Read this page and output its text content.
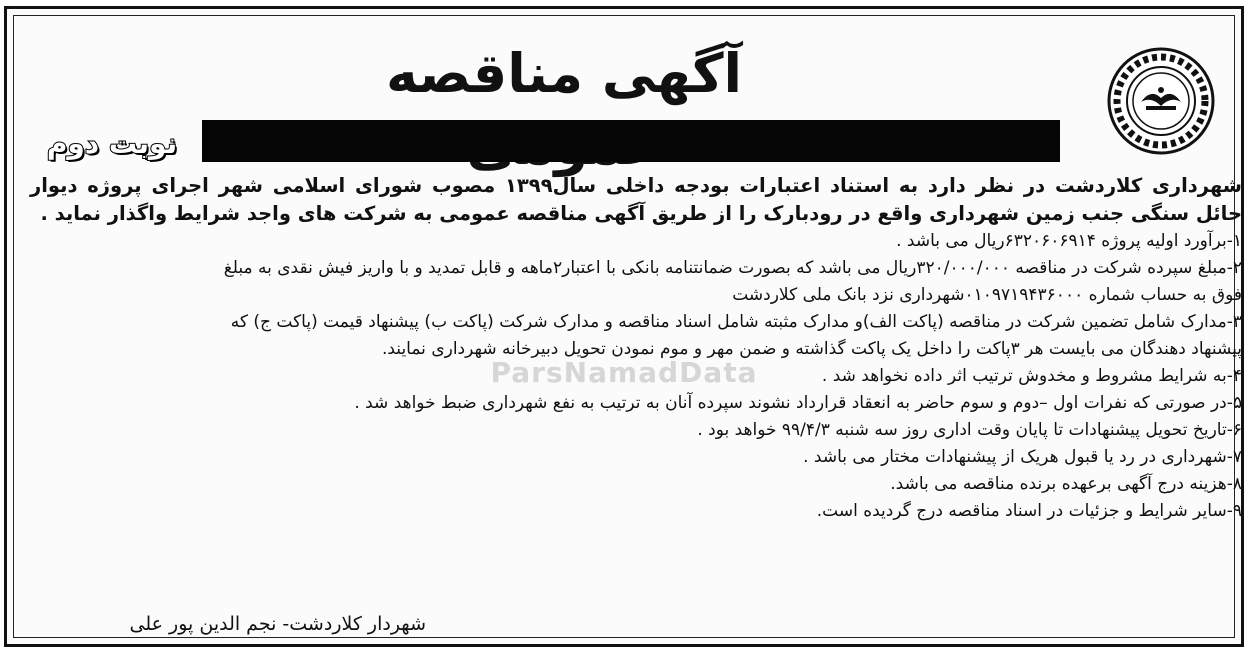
آگهی مناقصه
نوبت دوم
ParsNamadData
شهرداری کلاردشت در نظر دارد به استناد اعتبارات بودجه داخلی سال۱۳۹۹ مصوب شورای اسلامی شهر اجرای پروژه دیوار حائل سنگی جنب زمین شهرداری واقع در رودبارک را از طریق آگهی مناقصه عمومی به شرکت های واجد شرایط واگذار نماید .
۱-برآورد اولیه پروژه ۶۳۲۰۶۰۶۹۱۴ریال می باشد .
۲-مبلغ سپرده شرکت در مناقصه ۳۲۰/۰۰۰/۰۰۰ریال می باشد که بصورت ضمانتنامه بانکی با اعتبار۲ماهه و قابل تمدید و با واریز فیش نقدی به مبلغ
فوق به حساب شماره ۰۱۰۹۷۱۹۴۳۶۰۰۰شهرداری نزد بانک ملی کلاردشت
۳-مدارک شامل تضمین شرکت در مناقصه (پاکت الف)و مدارک مثبته شامل اسناد مناقصه و مدارک شرکت (پاکت ب) پیشنهاد قیمت (پاکت ج) که
پیشنهاد دهندگان می بایست هر ۳پاکت را داخل یک پاکت گذاشته و ضمن مهر و موم نمودن تحویل دبیرخانه شهرداری نمایند.
۴-به شرایط مشروط و مخدوش ترتیب اثر داده نخواهد شد .
۵-در صورتی که نفرات اول –دوم و سوم حاضر به انعقاد قرارداد نشوند سپرده آنان به ترتیب به نفع شهرداری ضبط خواهد شد .
۶-تاریخ تحویل پیشنهادات تا پایان وقت اداری روز سه شنبه ۹۹/۴/۳ خواهد بود .
۷-شهرداری در رد یا قبول هریک از پیشنهادات مختار می باشد .
۸-هزینه درج آگهی برعهده برنده مناقصه می باشد.
۹-سایر شرایط و جزئیات در اسناد مناقصه درج گردیده است.
شهردار کلاردشت- نجم الدین پور علی
